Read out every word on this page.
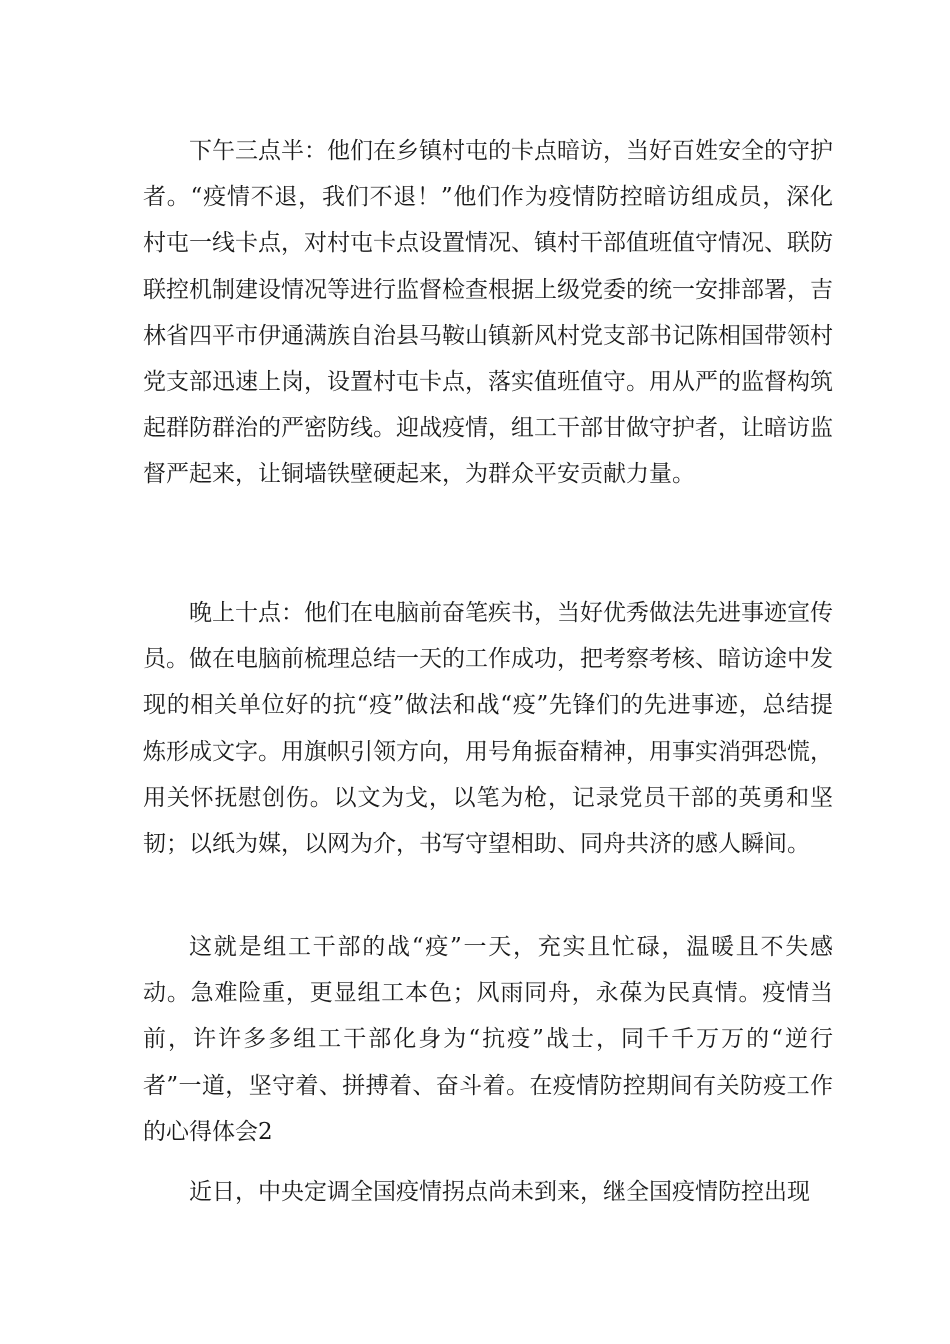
下午三点半：他们在乡镇村屯的卡点暗访，当好百姓安全的守护者。“疫情不退，我们不退！”他们作为疫情防控暗访组成员，深化村屯一线卡点，对村屯卡点设置情况、镇村干部值班值守情况、联防联控机制建设情况等进行监督检查根据上级党委的统一安排部署，吉林省四平市伊通满族自治县马鞍山镇新风村党支部书记陈相国带领村党支部迅速上岗，设置村屯卡点，落实值班值守。用从严的监督构筑起群防群治的严密防线。迎战疫情，组工干部甘做守护者，让暗访监督严起来，让铜墙铁壁硬起来，为群众平安贡献力量。

晚上十点：他们在电脑前奋笔疾书，当好优秀做法先进事迹宣传员。做在电脑前梳理总结一天的工作成功，把考察考核、暗访途中发现的相关单位好的抗“疫”做法和战“疫”先锋们的先进事迹，总结提炼形成文字。用旗帜引领方向，用号角振奋精神，用事实消弭恐慌，用关怀抚慰创伤。以文为戈，以笔为枪，记录党员干部的英勇和坚韧；以纸为媒，以网为介，书写守望相助、同舟共济的感人瞬间。

这就是组工干部的战“疫”一天，充实且忙碌，温暖且不失感动。急难险重，更显组工本色；风雨同舟，永葆为民真情。疫情当前，许许多多组工干部化身为“抗疫”战士，同千千万万的“逆行者”一道，坚守着、拼搏着、奋斗着。在疫情防控期间有关防疫工作的心得体会2

近日，中央定调全国疫情拐点尚未到来，继全国疫情防控出现
